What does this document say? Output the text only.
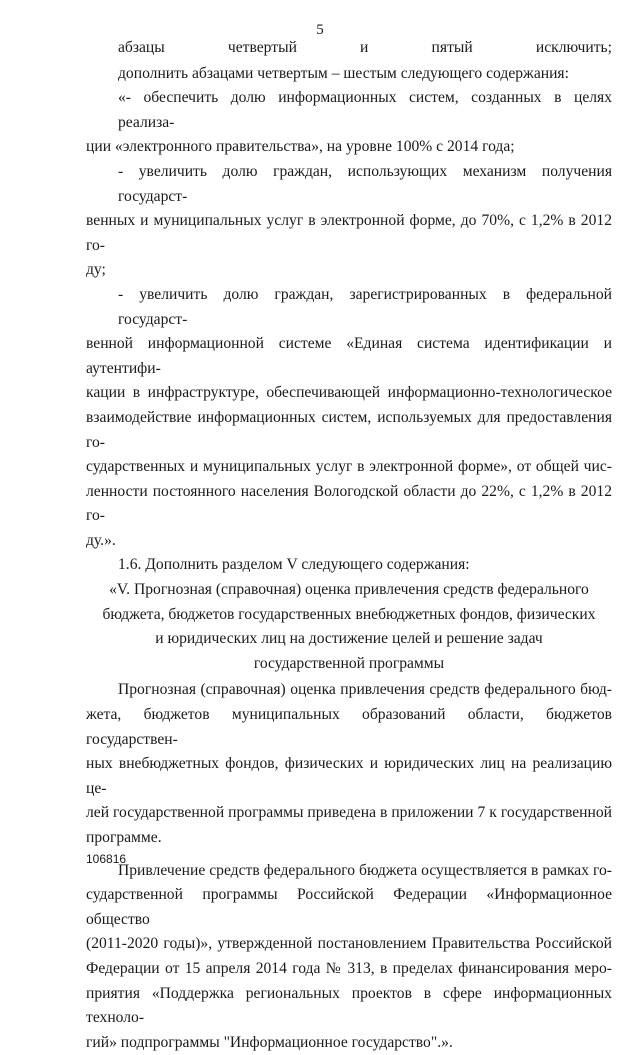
5

абзацы четвертый и пятый исключить;

дополнить абзацами четвертым – шестым следующего содержания:

«- обеспечить долю информационных систем, созданных в целях реализа-

ции «электронного правительства», на уровне 100% с 2014 года;

- увеличить долю граждан, использующих механизм получения государст-

венных и муниципальных услуг в электронной форме, до 70%, с 1,2% в 2012 го-

ду;

- увеличить долю граждан, зарегистрированных в федеральной государст-

венной информационной системе «Единая система идентификации и аутентифи-

кации в инфраструктуре, обеспечивающей информационно-технологическое

взаимодействие информационных систем, используемых для предоставления го-

сударственных и муниципальных услуг в электронной форме», от общей чис-

ленности постоянного населения Вологодской области до 22%, с 1,2% в 2012 го-

ду.».

1.6. Дополнить разделом V следующего содержания:

«V. Прогнозная (справочная) оценка привлечения средств федерального

бюджета, бюджетов государственных внебюджетных фондов, физических

и юридических лиц на достижение целей и решение задач

государственной программы

Прогнозная (справочная) оценка привлечения средств федерального бюд-

жета, бюджетов муниципальных образований области, бюджетов государствен-

ных внебюджетных фондов, физических и юридических лиц на реализацию це-

лей государственной программы приведена в приложении 7 к государственной

программе.

Привлечение средств федерального бюджета осуществляется в рамках го-

сударственной программы Российской Федерации «Информационное общество

(2011-2020 годы)», утвержденной постановлением Правительства Российской

Федерации от 15 апреля 2014 года № 313, в пределах финансирования меро-

приятия «Поддержка региональных проектов в сфере информационных техноло-

гий» подпрограммы "Информационное государство".».

106816
